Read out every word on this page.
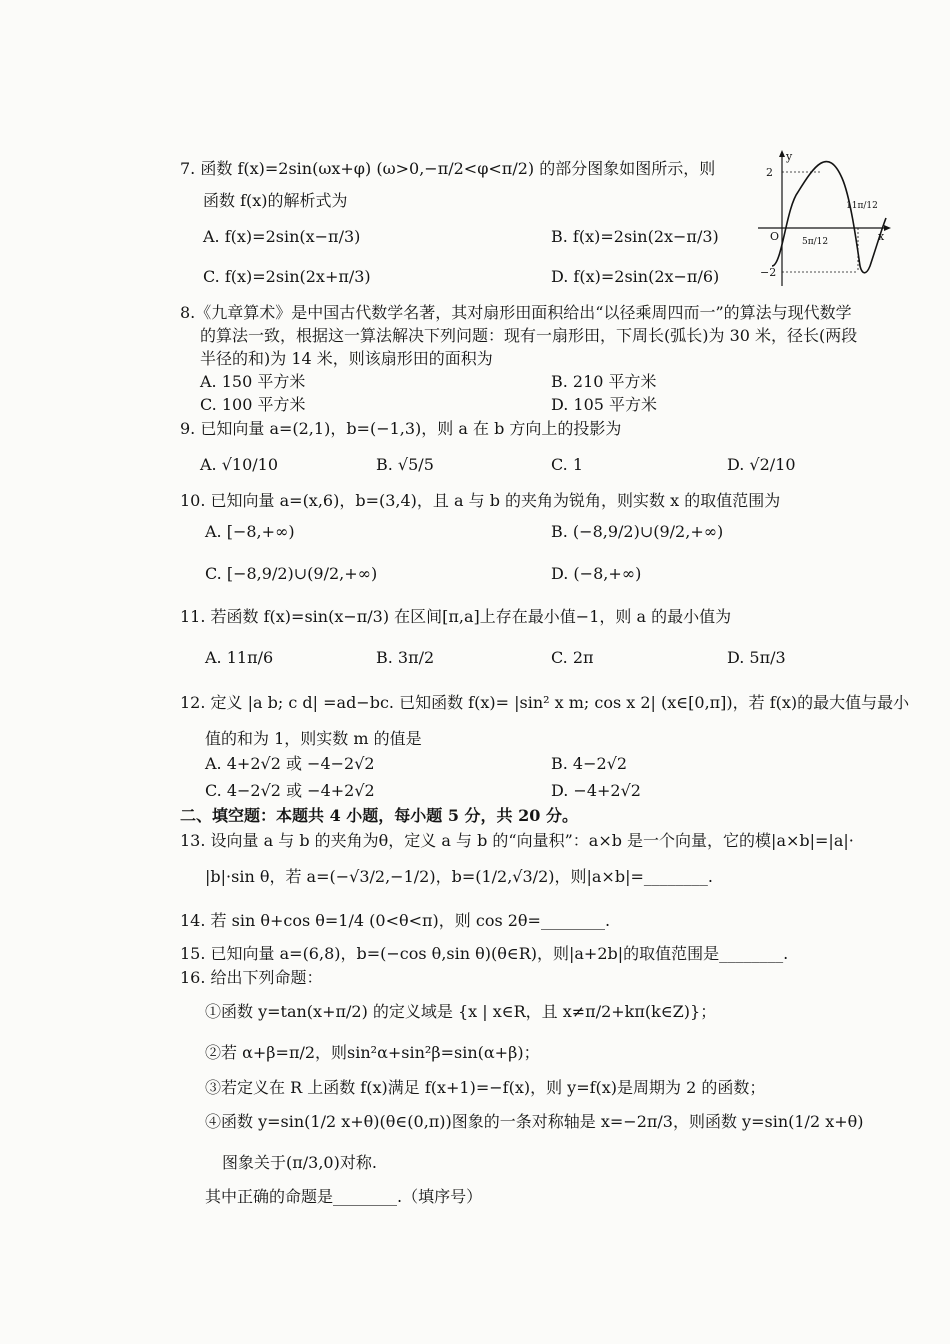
7. 函数 f(x)=2sin(ωx+φ) (ω>0,−π/2<φ<π/2) 的部分图象如图所示，则
函数 f(x)的解析式为
A. f(x)=2sin(x−π/3)	B. f(x)=2sin(2x−π/3)
C. f(x)=2sin(2x+π/3)	D. f(x)=2sin(2x−π/6)
y
x
O
2
−2
5π/12
11π/12
8.《九章算术》是中国古代数学名著，其对扇形田面积给出“以径乘周四而一”的算法与现代数学
的算法一致，根据这一算法解决下列问题：现有一扇形田，下周长(弧长)为 30 米，径长(两段
半径的和)为 14 米，则该扇形田的面积为
A. 150 平方米	B. 210 平方米
C. 100 平方米	D. 105 平方米
9. 已知向量 a=(2,1)，b=(−1,3)，则 a 在 b 方向上的投影为
A. √10/10	B. √5/5	C. 1	D. √2/10
10. 已知向量 a=(x,6)，b=(3,4)，且 a 与 b 的夹角为锐角，则实数 x 的取值范围为
A. [−8,+∞)	B. (−8,9/2)∪(9/2,+∞)
C. [−8,9/2)∪(9/2,+∞)	D. (−8,+∞)
11. 若函数 f(x)=sin(x−π/3) 在区间[π,a]上存在最小值−1，则 a 的最小值为
A. 11π/6	B. 3π/2	C. 2π	D. 5π/3
12. 定义 |a b; c d| =ad−bc. 已知函数 f(x)= |sin² x m; cos x 2| (x∈[0,π])，若 f(x)的最大值与最小
值的和为 1，则实数 m 的值是
A. 4+2√2 或 −4−2√2	B. 4−2√2
C. 4−2√2 或 −4+2√2	D. −4+2√2
二、填空题：本题共 4 小题，每小题 5 分，共 20 分。
13. 设向量 a 与 b 的夹角为θ，定义 a 与 b 的“向量积”：a×b 是一个向量，它的模|a×b|=|a|·
|b|·sin θ，若 a=(−√3/2,−1/2)，b=(1/2,√3/2)，则|a×b|=________.
14. 若 sin θ+cos θ=1/4 (0<θ<π)，则 cos 2θ=________.
15. 已知向量 a=(6,8)，b=(−cos θ,sin θ)(θ∈R)，则|a+2b|的取值范围是________.
16. 给出下列命题：
①函数 y=tan(x+π/2) 的定义域是 {x | x∈R，且 x≠π/2+kπ(k∈Z)}；
②若 α+β=π/2，则sin²α+sin²β=sin(α+β)；
③若定义在 R 上函数 f(x)满足 f(x+1)=−f(x)，则 y=f(x)是周期为 2 的函数；
④函数 y=sin(1/2 x+θ)(θ∈(0,π))图象的一条对称轴是 x=−2π/3，则函数 y=sin(1/2 x+θ)
图象关于(π/3,0)对称.
其中正确的命题是________.（填序号）
